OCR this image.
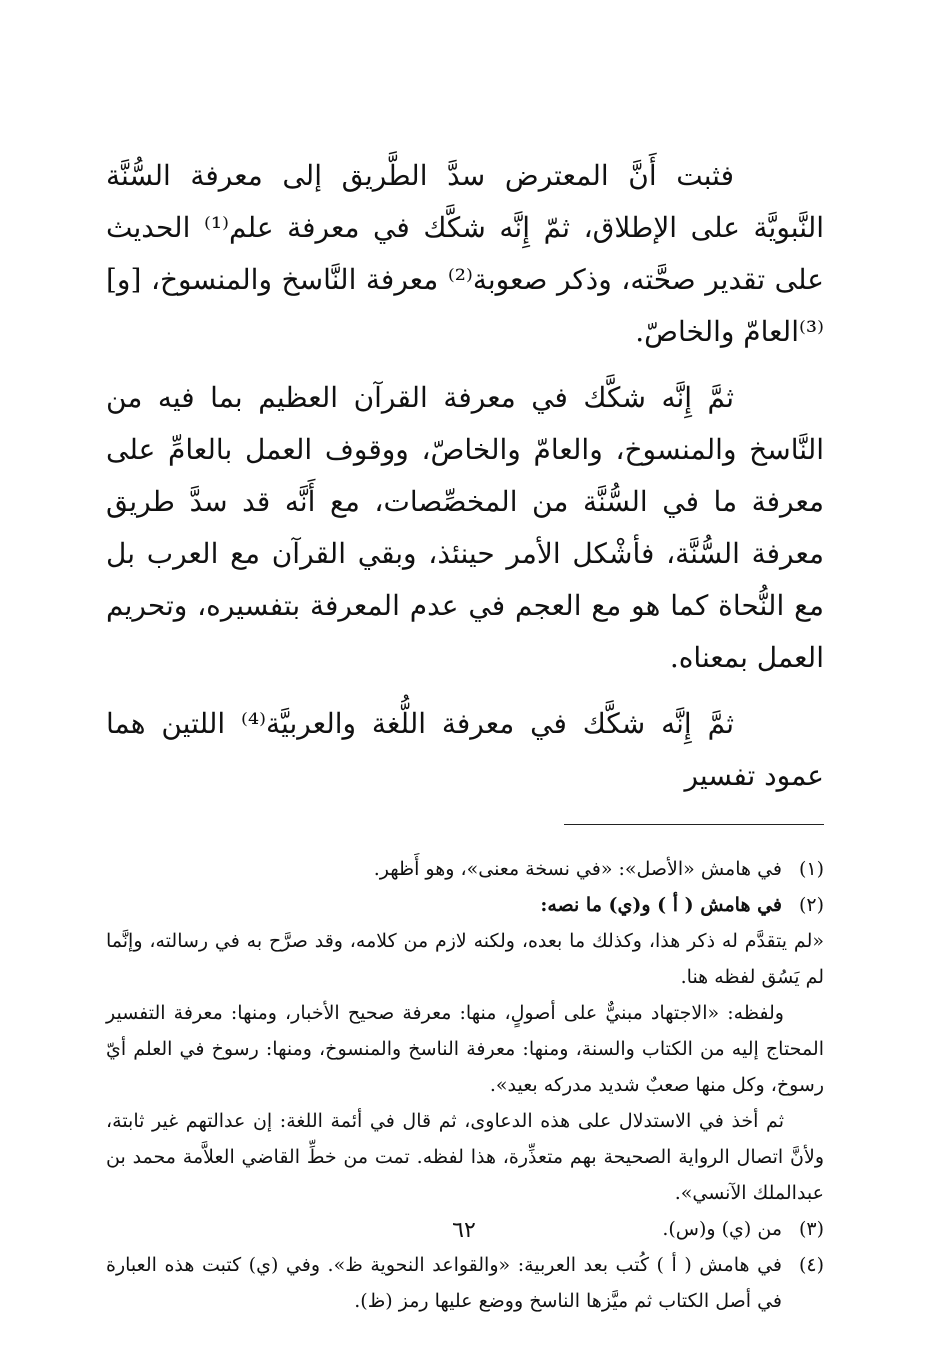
فثبت أَنَّ المعترض سدَّ الطَّريق إلى معرفة السُّنَّة النَّبويَّة على الإطلاق، ثمّ إِنَّه شكَّك في معرفة علم⁽¹⁾ الحديث على تقدير صحَّته، وذكر صعوبة⁽²⁾ معرفة النَّاسخ والمنسوخ، [و]⁽³⁾العامّ والخاصّ.

ثمَّ إِنَّه شكَّك في معرفة القرآن العظيم بما فيه من النَّاسخ والمنسوخ، والعامّ والخاصّ، ووقوف العمل بالعامِّ على معرفة ما في السُّنَّة من المخصِّصات، مع أَنَّه قد سدَّ طريق معرفة السُّنَّة، فأشْكل الأمر حينئذ، وبقي القرآن مع العرب بل مع النُّحاة كما هو مع العجم في عدم المعرفة بتفسيره، وتحريم العمل بمعناه.

ثمَّ إِنَّه شكَّك في معرفة اللُّغة والعربيَّة⁽⁴⁾ اللتين هما عمود تفسير

(١)
في هامش «الأصل»: «في نسخة معنى»، وهو أَظهر.
(٢)
في هامش ( أ ) و(ي) ما نصه:

«لم يتقدَّم له ذكر هذا، وكذلك ما بعده، ولكنه لازم من كلامه، وقد صرَّح به في رسالته، وإنَّما لم يَسُق لفظه هنا.

ولفظه: «الاجتهاد مبنيٌّ على أصولٍ، منها: معرفة صحيح الأخبار، ومنها: معرفة التفسير المحتاج إليه من الكتاب والسنة، ومنها: معرفة الناسخ والمنسوخ، ومنها: رسوخ في العلم أيّ رسوخ، وكل منها صعبٌ شديد مدركه بعيد».

ثم أخذ في الاستدلال على هذه الدعاوى، ثم قال في أئمة اللغة: إن عدالتهم غير ثابتة، ولأنَّ اتصال الرواية الصحيحة بهم متعذِّرة، هذا لفظه. تمت من خطِّ القاضي العلاَّمة محمد بن عبدالملك الآنسي».

(٣)
من (ي) و(س).
(٤)
في هامش ( أ ) كُتب بعد العربية: «والقواعد النحوية ظ». وفي (ي) كتبت هذه العبارة في أصل الكتاب ثم ميَّزها الناسخ ووضع عليها رمز (ظ).
٦٢
